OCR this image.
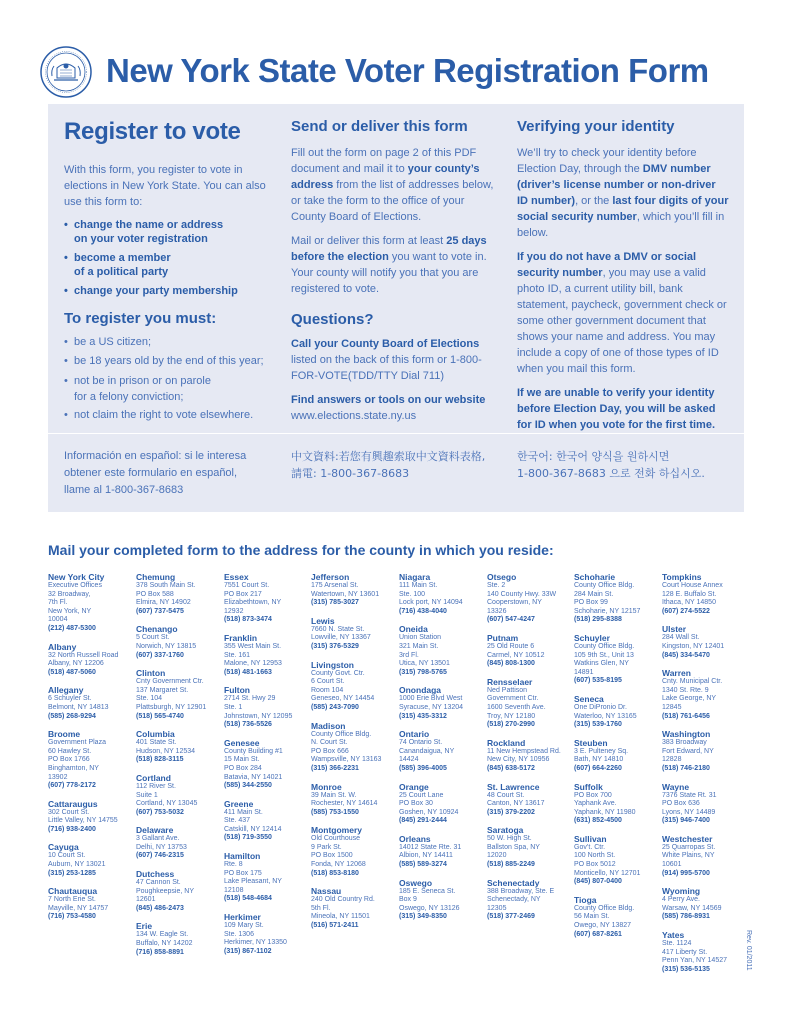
New York State Voter Registration Form
Register to vote

With this form, you register to vote in elections in New York State. You can also use this form to:

• change the name or address on your voter registration
• become a member of a political party
• change your party membership
To register you must:
• be a US citizen;
• be 18 years old by the end of this year;
• not be in prison or on parole for a felony conviction;
• not claim the right to vote elsewhere.
Send or deliver this form

Fill out the form on page 2 of this PDF document and mail it to your county’s address from the list of addresses below, or take the form to the office of your County Board of Elections.

Mail or deliver this form at least 25 days before the election you want to vote in. Your county will notify you that you are registered to vote.

Questions?

Call your County Board of Elections listed on the back of this form or 1-800-FOR-VOTE(TDD/TTY Dial 711)

Find answers or tools on our website
www.elections.state.ny.us

Verifying your identity

We’ll try to check your identity before Election Day, through the DMV number (driver’s license number or non-driver ID number), or the last four digits of your social security number, which you’ll fill in below.

If you do not have a DMV or social security number, you may use a valid photo ID, a current utility bill, bank statement, paycheck, government check or some other government document that shows your name and address. You may include a copy of one of those types of ID when you mail this form.

If we are unable to verify your identity before Election Day, you will be asked for ID when you vote for the first time.

Información en español: si le interesa obtener este formulario en español, llame al 1-800-367-8683
中文資料:若您有興趣索取中文資料表格,
請電: 1-800-367-8683
한국어: 한국어 양식을 원하시면
1-800-367-8683 으로 전화 하십시오.
Mail your completed form to the address for the county in which you reside:
New York City
Executive Offices
32 Broadway,
7th Fl.
New York, NY
10004
(212) 487-5300
Albany
32 North Russell Road
Albany, NY 12206
(518) 487-5060
Allegany
6 Schuyler St.
Belmont, NY 14813
(585) 268-9294
Broome
Government Plaza
60 Hawley St.
PO Box 1766
Binghamton, NY
13902
(607) 778-2172
Cattaraugus
302 Court St.
Little Valley, NY 14755
(716) 938-2400
Cayuga
10 Court St.
Auburn, NY 13021
(315) 253-1285
Chautauqua
7 North Erie St.
Mayville, NY 14757
(716) 753-4580
Chemung
378 South Main St.
PO Box 588
Elmira, NY 14902
(607) 737-5475
Chenango
5 Court St.
Norwich, NY 13815
(607) 337-1760
Clinton
Cnty Government Ctr.
137 Margaret St.
Ste. 104
Plattsburgh, NY 12901
(518) 565-4740
Columbia
401 State St.
Hudson, NY 12534
(518) 828-3115
Cortland
112 River St.
Suite 1
Cortland, NY 13045
(607) 753-5032
Delaware
3 Gallant Ave.
Delhi, NY 13753
(607) 746-2315
Dutchess
47 Cannon St.
Poughkeepsie, NY
12601
(845) 486-2473
Erie
134 W. Eagle St.
Buffalo, NY 14202
(716) 858-8891
Essex
7551 Court St.
PO Box 217
Elizabethtown, NY
12932
(518) 873-3474
Franklin
355 West Main St.
Ste. 161
Malone, NY 12953
(518) 481-1663
Fulton
2714 St. Hwy 29
Ste. 1
Johnstown, NY 12095
(518) 736-5526
Genesee
County Building #1
15 Main St.
PO Box 284
Batavia, NY 14021
(585) 344-2550
Greene
411 Main St.
Ste. 437
Catskill, NY 12414
(518) 719-3550
Hamilton
Rte. 8
PO Box 175
Lake Pleasant, NY
12108
(518) 548-4684
Herkimer
109 Mary St.
Ste. 1306
Herkimer, NY 13350
(315) 867-1102
Jefferson
175 Arsenal St.
Watertown, NY 13601
(315) 785-3027
Lewis
7660 N. State St.
Lowville, NY 13367
(315) 376-5329
Livingston
County Govt. Ctr.
6 Court St.
Room 104
Geneseo, NY 14454
(585) 243-7090
Madison
County Office Bldg.
N. Court St.
PO Box 666
Wampsville, NY 13163
(315) 366-2231
Monroe
39 Main St. W.
Rochester, NY 14614
(585) 753-1550
Montgomery
Old Courthouse
9 Park St.
PO Box 1500
Fonda, NY 12068
(518) 853-8180
Nassau
240 Old Country Rd.
5th Fl.
Mineola, NY 11501
(516) 571-2411
Niagara
111 Main St.
Ste. 100
Lock port, NY 14094
(716) 438-4040
Oneida
Union Station
321 Main St.
3rd Fl.
Utica, NY 13501
(315) 798-5765
Onondaga
1000 Erie Blvd West
Syracuse, NY 13204
(315) 435-3312
Ontario
74 Ontario St.
Canandaigua, NY
14424
(585) 396-4005
Orange
25 Court Lane
PO Box 30
Goshen, NY 10924
(845) 291-2444
Orleans
14012 State Rte. 31
Albion, NY 14411
(585) 589-3274
Oswego
185 E. Seneca St.
Box 9
Oswego, NY 13126
(315) 349-8350
Otsego
Ste. 2
140 County Hwy. 33W
Cooperstown, NY
13326
(607) 547-4247
Putnam
25 Old Route 6
Carmel, NY 10512
(845) 808-1300
Rensselaer
Ned Pattison
Government Ctr.
1600 Seventh Ave.
Troy, NY 12180
(518) 270-2990
Rockland
11 New Hempstead Rd.
New City, NY 10956
(845) 638-5172
St. Lawrence
48 Court St.
Canton, NY 13617
(315) 379-2202
Saratoga
50 W. High St.
Ballston Spa, NY
12020
(518) 885-2249
Schenectady
388 Broadway, Ste. E
Schenectady, NY
12305
(518) 377-2469
Schoharie
County Office Bldg.
284 Main St.
PO Box 99
Schoharie, NY 12157
(518) 295-8388
Schuyler
County Office Bldg.
105 9th St., Unit 13
Watkins Glen, NY
14891
(607) 535-8195
Seneca
One DiPronio Dr.
Waterloo, NY 13165
(315) 539-1760
Steuben
3 E. Pulteney Sq.
Bath, NY 14810
(607) 664-2260
Suffolk
PO Box 700
Yaphank Ave.
Yaphank, NY 11980
(631) 852-4500
Sullivan
Gov’t. Ctr.
100 North St.
PO Box 5012
Monticello, NY 12701
(845) 807-0400
Tioga
County Office Bldg.
56 Main St.
Owego, NY 13827
(607) 687-8261
Tompkins
Court House Annex
128 E. Buffalo St.
Ithaca, NY 14850
(607) 274-5522
Ulster
284 Wall St.
Kingston, NY 12401
(845) 334-5470
Warren
Cnty. Municipal Ctr.
1340 St. Rte. 9
Lake George, NY
12845
(518) 761-6456
Washington
383 Broadway
Fort Edward, NY
12828
(518) 746-2180
Wayne
7376 State Rt. 31
PO Box 636
Lyons, NY 14489
(315) 946-7400
Westchester
25 Quarropas St.
White Plains, NY
10601
(914) 995-5700
Wyoming
4 Perry Ave.
Warsaw, NY 14569
(585) 786-8931
Yates
Ste. 1124
417 Liberty St.
Penn Yan, NY 14527
(315) 536-5135	Rev. 01/2011
